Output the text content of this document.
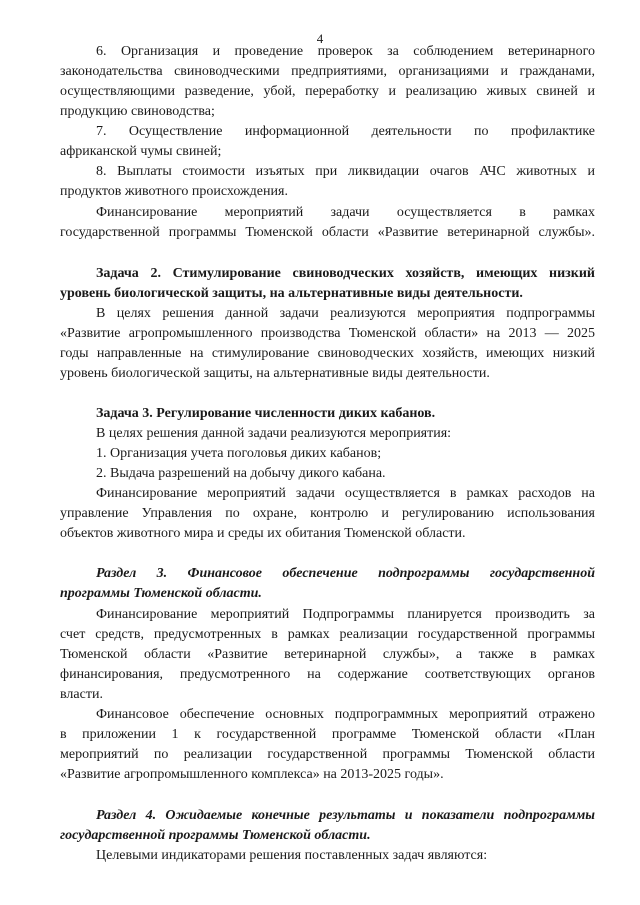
4
6. Организация и проведение проверок за соблюдением ветеринарного
законодательства свиноводческими предприятиями, организациями и гражданами,
осуществляющими разведение, убой, переработку и реализацию живых свиней и
продукцию свиноводства;
7. Осуществление информационной деятельности по профилактике
африканской чумы свиней;
8. Выплаты стоимости изъятых при ликвидации очагов АЧС животных и
продуктов животного происхождения.
Финансирование мероприятий задачи осуществляется в рамках
государственной программы Тюменской области «Развитие ветеринарной службы».
Задача 2. Стимулирование свиноводческих хозяйств, имеющих низкий
уровень биологической защиты, на альтернативные виды деятельности.
В целях решения данной задачи реализуются мероприятия подпрограммы
«Развитие агропромышленного производства Тюменской области» на 2013 — 2025
годы направленные на стимулирование свиноводческих хозяйств, имеющих низкий
уровень биологической защиты, на альтернативные виды деятельности.
Задача 3. Регулирование численности диких кабанов.
В целях решения данной задачи реализуются мероприятия:
1. Организация учета поголовья диких кабанов;
2. Выдача разрешений на добычу дикого кабана.
Финансирование мероприятий задачи осуществляется в рамках расходов на
управление Управления по охране, контролю и регулированию использования
объектов животного мира и среды их обитания Тюменской области.
Раздел 3. Финансовое обеспечение подпрограммы государственной
программы Тюменской области.
Финансирование мероприятий Подпрограммы планируется производить за
счет средств, предусмотренных в рамках реализации государственной программы
Тюменской области «Развитие ветеринарной службы», а также в рамках
финансирования, предусмотренного на содержание соответствующих органов
власти.
Финансовое обеспечение основных подпрограммных мероприятий отражено
в приложении 1 к государственной программе Тюменской области «План
мероприятий по реализации государственной программы Тюменской области
«Развитие агропромышленного комплекса» на 2013-2025 годы».
Раздел 4. Ожидаемые конечные результаты и показатели подпрограммы
государственной программы Тюменской области.
Целевыми индикаторами решения поставленных задач являются:
